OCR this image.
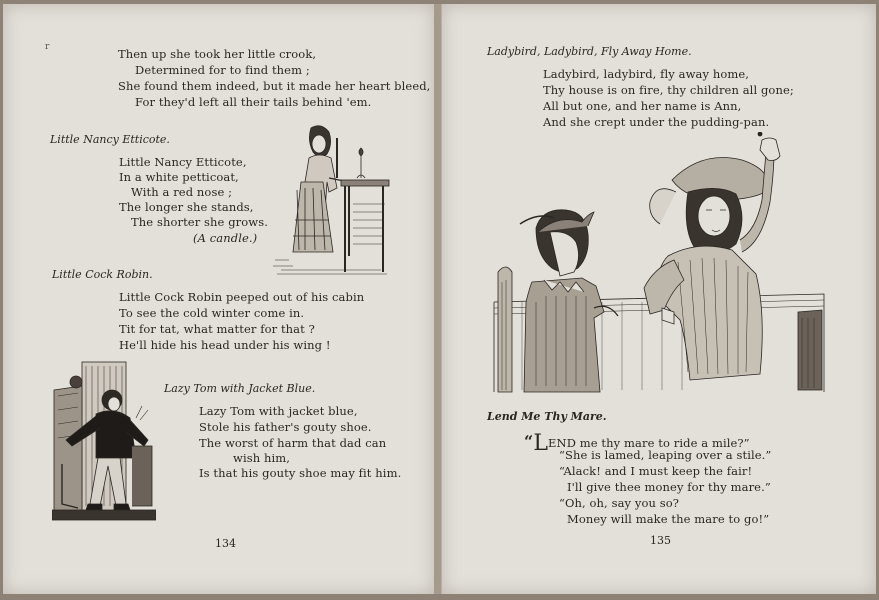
r	Then up she took her little crook,
Determined for to find them ;
She found them indeed, but it made her heart bleed,
For they'd left all their tails behind 'em.
Little Nancy Etticote.
Little Nancy Etticote,
In a white petticoat,
With a red nose ;
The longer she stands,
The shorter she grows.
(A candle.)
Little Cock Robin.
Little Cock Robin peeped out of his cabin
To see the cold winter come in.
Tit for tat, what matter for that ?
He'll hide his head under his wing !
Lazy Tom with Jacket Blue.
Lazy Tom with jacket blue,
Stole his father's gouty shoe.
The worst of harm that dad can
wish him,
Is that his gouty shoe may fit him.
134
Ladybird, Ladybird, Fly Away Home.
Ladybird, ladybird, fly away home,
Thy house is on fire, thy children all gone;
All but one, and her name is Ann,
And she crept under the pudding-pan.
Lend Me Thy Mare.
“LEND me thy mare to ride a mile?”
“She is lamed, leaping over a stile.”
“Alack! and I must keep the fair!
I'll give thee money for thy mare.”
“Oh, oh, say you so?
Money will make the mare to go!”
135
